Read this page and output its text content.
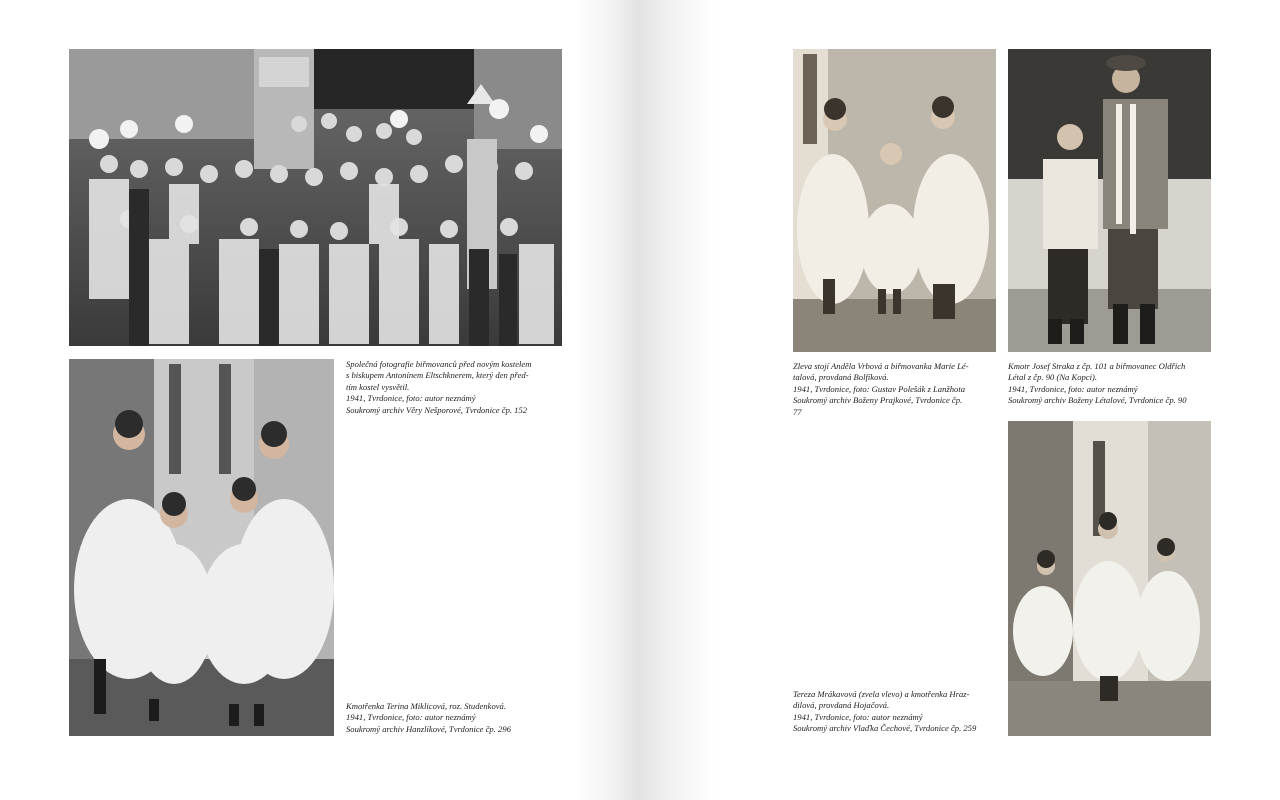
Společná fotografie biřmovanců před novým kostelem
s biskupem Antonínem Eltschknerem, který den před-
tím kostel vysvětil.
1941, Tvrdonice, foto: autor neznámý
Soukromý archiv Věry Nešporové, Tvrdonice čp. 152
Kmotřenka Terina Miklicová, roz. Studenková.
1941, Tvrdonice, foto: autor neznámý
Soukromý archiv Hanzlíkové, Tvrdonice čp. 296
Zleva stojí Anděla Vrbová a biřmovanka Marie Lé-
talová, provdaná Bolfíková.
1941, Tvrdonice, foto: Gustav Polešák z Lanžhota
Soukromý archiv Boženy Prajkové, Tvrdonice čp.
77
Kmotr Josef Straka z čp. 101 a biřmovanec Oldřich
Létal z čp. 90 (Na Kopci).
1941, Tvrdonice, foto: autor neznámý
Soukromý archiv Boženy Létalové, Tvrdonice čp. 90
Tereza Mrákavová (zvela vlevo) a kmotřenka Hraz-
dilová, provdaná Hojačová.
1941, Tvrdonice, foto: autor neznámý
Soukromý archiv Vlaďka Čechové, Tvrdonice čp. 259
